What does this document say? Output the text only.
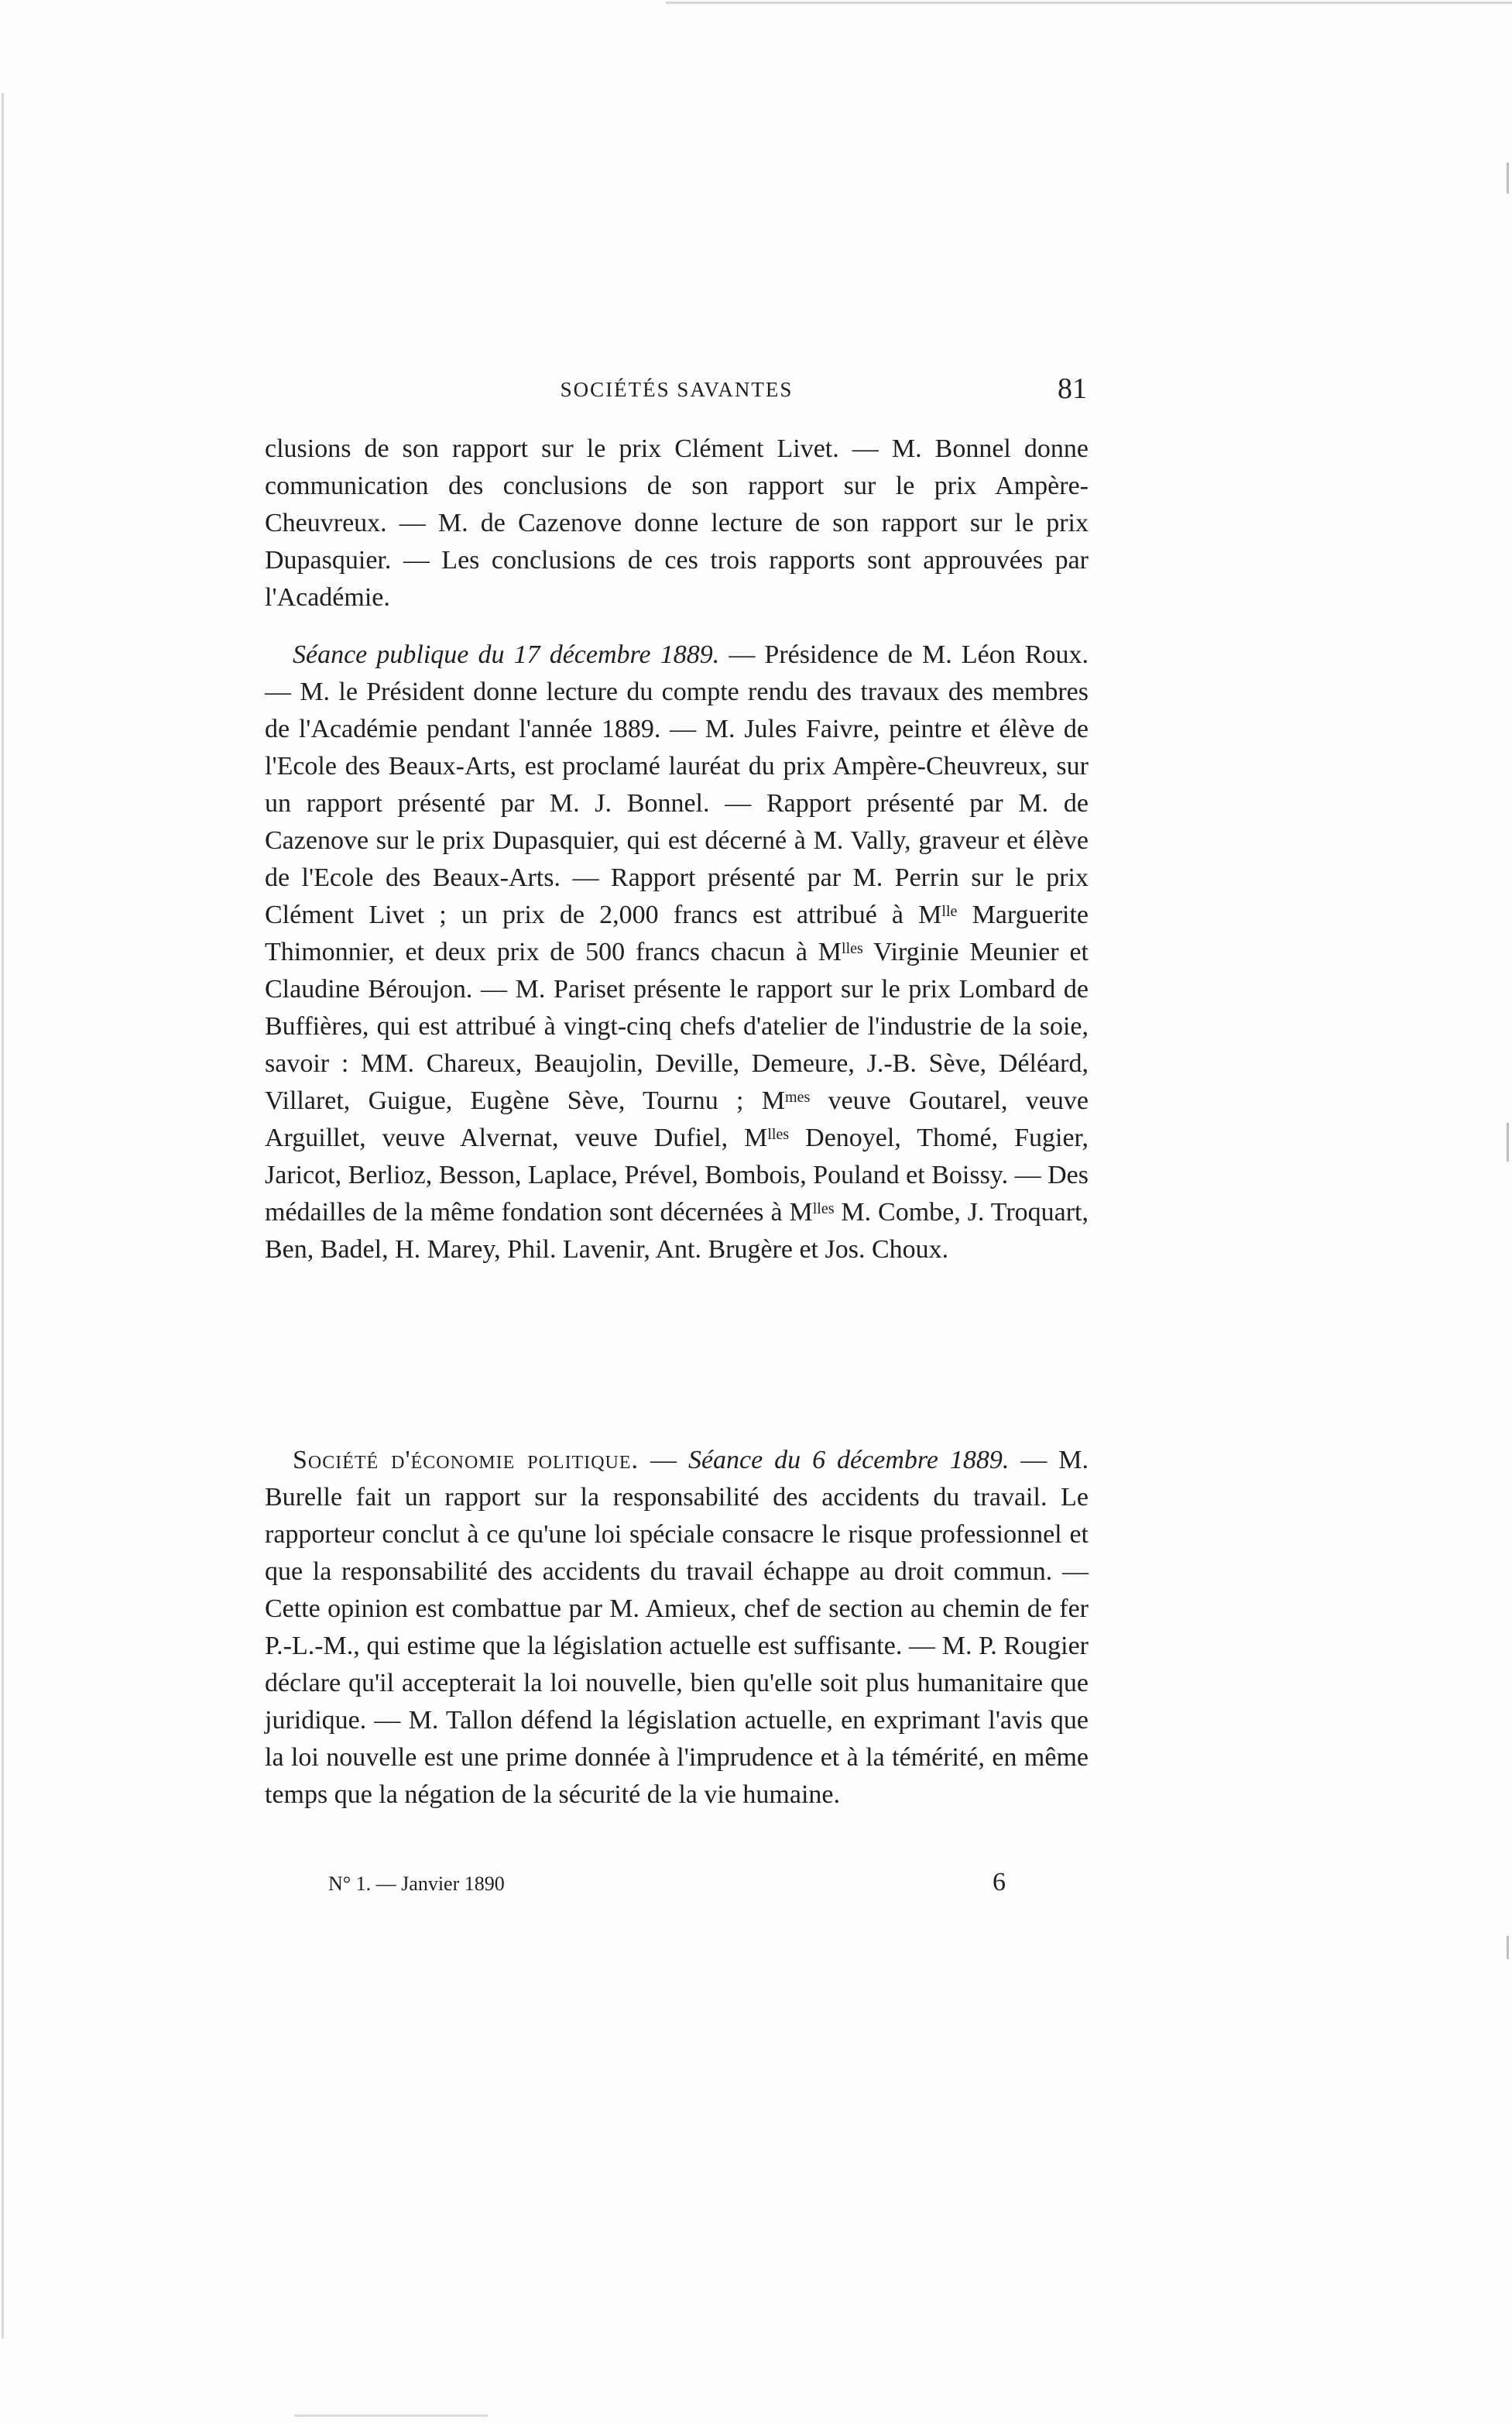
SOCIÉTÉS SAVANTES	81

clusions de son rapport sur le prix Clément Livet. — M. Bonnel donne communication des conclusions de son rapport sur le prix Ampère-Cheuvreux. — M. de Cazenove donne lecture de son rapport sur le prix Dupasquier. — Les conclusions de ces trois rapports sont approuvées par l'Académie.

Séance publique du 17 décembre 1889. — Présidence de M. Léon Roux. — M. le Président donne lecture du compte rendu des travaux des membres de l'Académie pendant l'année 1889. — M. Jules Faivre, peintre et élève de l'Ecole des Beaux-Arts, est proclamé lauréat du prix Ampère-Cheuvreux, sur un rapport présenté par M. J. Bonnel. — Rapport présenté par M. de Cazenove sur le prix Dupasquier, qui est décerné à M. Vally, graveur et élève de l'Ecole des Beaux-Arts. — Rapport présenté par M. Perrin sur le prix Clément Livet ; un prix de 2,000 francs est attribué à $M^{lle}$ Marguerite Thimonnier, et deux prix de 500 francs chacun à $M^{lles}$ Virginie Meunier et Claudine Béroujon. — M. Pariset présente le rapport sur le prix Lombard de Buffières, qui est attribué à vingt-cinq chefs d'atelier de l'industrie de la soie, savoir : MM. Chareux, Beaujolin, Deville, Demeure, J.-B. Sève, Déléard, Villaret, Guigue, Eugène Sève, Tournu ; $M^{mes}$ veuve Goutarel, veuve Arguillet, veuve Alvernat, veuve Dufiel, $M^{lles}$ Denoyel, Thomé, Fugier, Jaricot, Berlioz, Besson, Laplace, Prével, Bombois, Pouland et Boissy. — Des médailles de la même fondation sont décernées à $M^{lles}$ M. Combe, J. Troquart, Ben, Badel, H. Marey, Phil. Lavenir, Ant. Brugère et Jos. Choux.

Société d'économie politique. — Séance du 6 décembre 1889. — M. Burelle fait un rapport sur la responsabilité des accidents du travail. Le rapporteur conclut à ce qu'une loi spéciale consacre le risque professionnel et que la responsabilité des accidents du travail échappe au droit commun. — Cette opinion est combattue par M. Amieux, chef de section au chemin de fer P.-L.-M., qui estime que la législation actuelle est suffisante. — M. P. Rougier déclare qu'il accepterait la loi nouvelle, bien qu'elle soit plus humanitaire que juridique. — M. Tallon défend la législation actuelle, en exprimant l'avis que la loi nouvelle est une prime donnée à l'imprudence et à la témérité, en même temps que la négation de la sécurité de la vie humaine.

N° 1. — Janvier 1890	6
